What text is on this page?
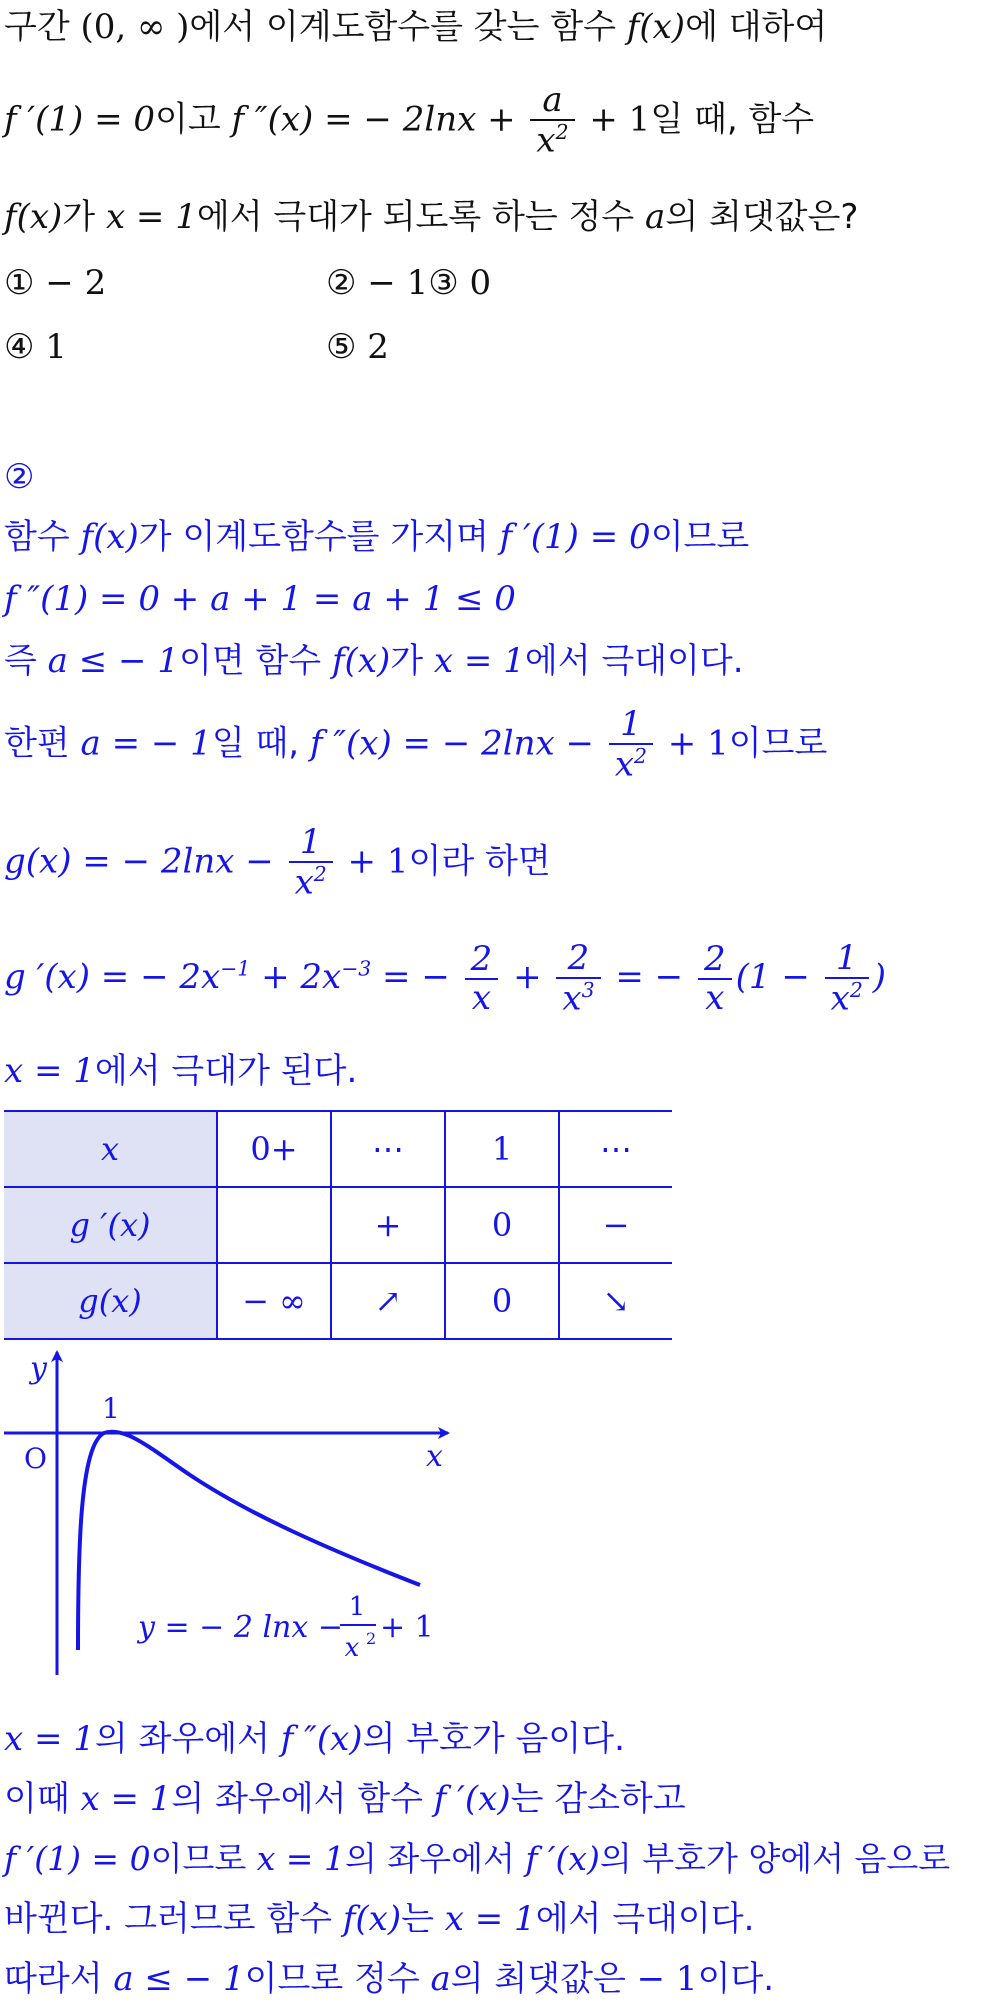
구간 (0, ∞ )에서 이계도함수를 갖는 함수 f(x)에 대하여
f ′(1) = 0이고 f ″(x) = − $2\ln x + \frac{a}{x^2} + 1$일 때, 함수
f(x)가 x = 1에서 극대가 되도록 하는 정수 a의 최댓값은?
① − 2	② − 1③ 0
④ 1	⑤ 2
②
함수 f(x)가 이계도함수를 가지며 f ′(1) = 0이므로
f ″(1) = 0 + a + 1 = a + 1 ≤ 0
즉 a ≤ − 1이면 함수 f(x)가 x = 1에서 극대이다.
한편 a = − 1일 때, f ″(x) = − $2\ln x - \frac{1}{x^2} + 1$이므로
g(x) = − $2\ln x - \frac{1}{x^2} + 1$이라 하면
g ′(x) = − $2x^{-1} + 2x^{-3}$ = − $\frac{2}{x} + \frac{2}{x^3}$ = − $\frac{2}{x} (1 - \frac{1}{x^2}$ )
x = 1에서 극대가 된다.
x	0+	⋯	1	⋯
g ′(x)		+	0	−
g(x)	− ∞	↗	0	↘
y
x
O
1
y = − 2 lnx −
1
x 2 + 1
x = 1의 좌우에서 f ″(x)의 부호가 음이다.
이때 x = 1의 좌우에서 함수 f ′(x)는 감소하고
f ′(1) = 0이므로 x = 1의 좌우에서 f ′(x)의 부호가 양에서 음으로
바뀐다. 그러므로 함수 f(x)는 x = 1에서 극대이다.
따라서 a ≤ − 1이므로 정수 a의 최댓값은 − 1이다.
